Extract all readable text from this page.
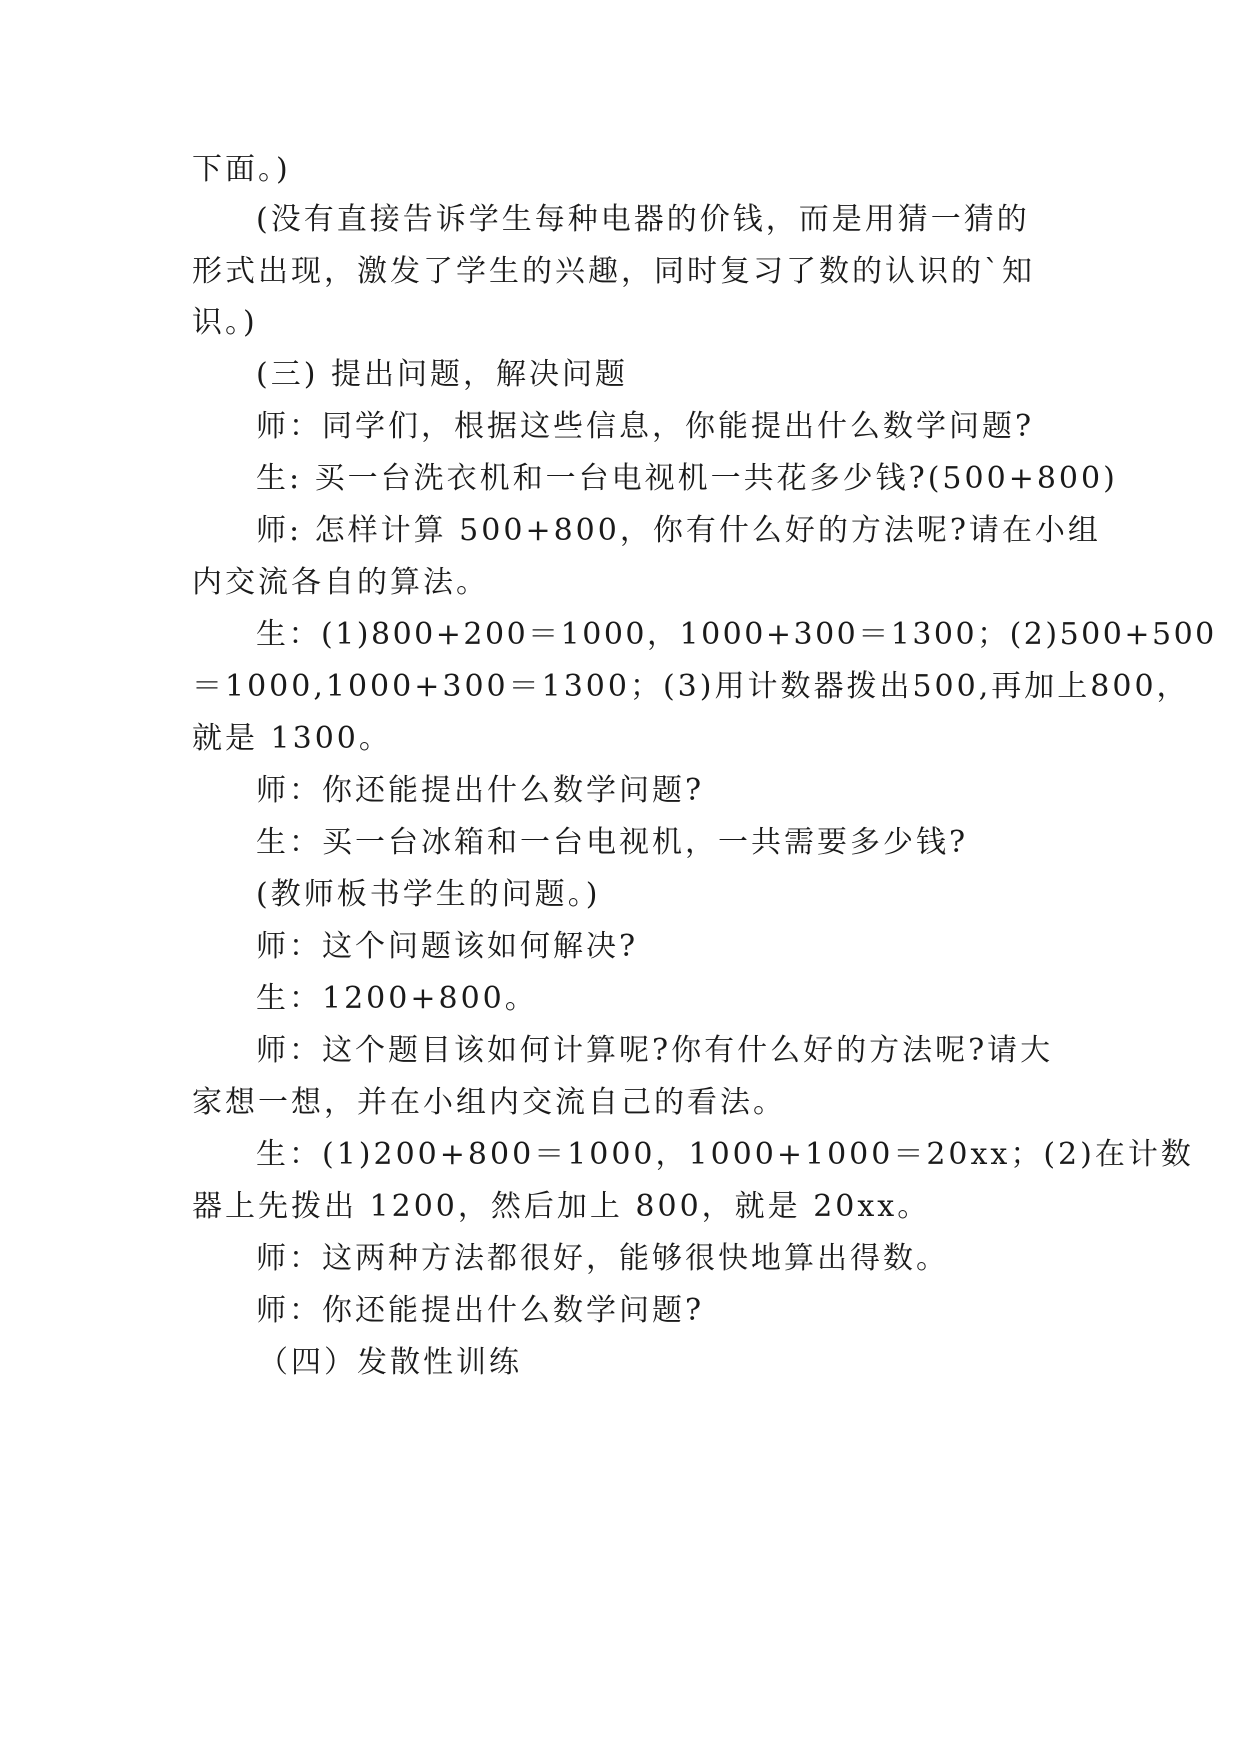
下面。)
(没有直接告诉学生每种电器的价钱，而是用猜一猜的
形式出现，激发了学生的兴趣，同时复习了数的认识的`知
识。)
(三) 提出问题，解决问题
师：同学们，根据这些信息，你能提出什么数学问题?
生: 买一台洗衣机和一台电视机一共花多少钱?(500+800)
师: 怎样计算 500+800，你有什么好的方法呢?请在小组
内交流各自的算法。
生：(1)800+200＝1000，1000+300＝1300；(2)500+500
＝1000,1000+300＝1300；(3)用计数器拨出500,再加上800，
就是 1300。
师：你还能提出什么数学问题?
生：买一台冰箱和一台电视机，一共需要多少钱?
(教师板书学生的问题。)
师：这个问题该如何解决?
生：1200+800。
师：这个题目该如何计算呢?你有什么好的方法呢?请大
家想一想，并在小组内交流自己的看法。
生：(1)200+800＝1000，1000+1000＝20xx；(2)在计数
器上先拨出 1200，然后加上 800，就是 20xx。
师：这两种方法都很好，能够很快地算出得数。
师：你还能提出什么数学问题?
（四）发散性训练
